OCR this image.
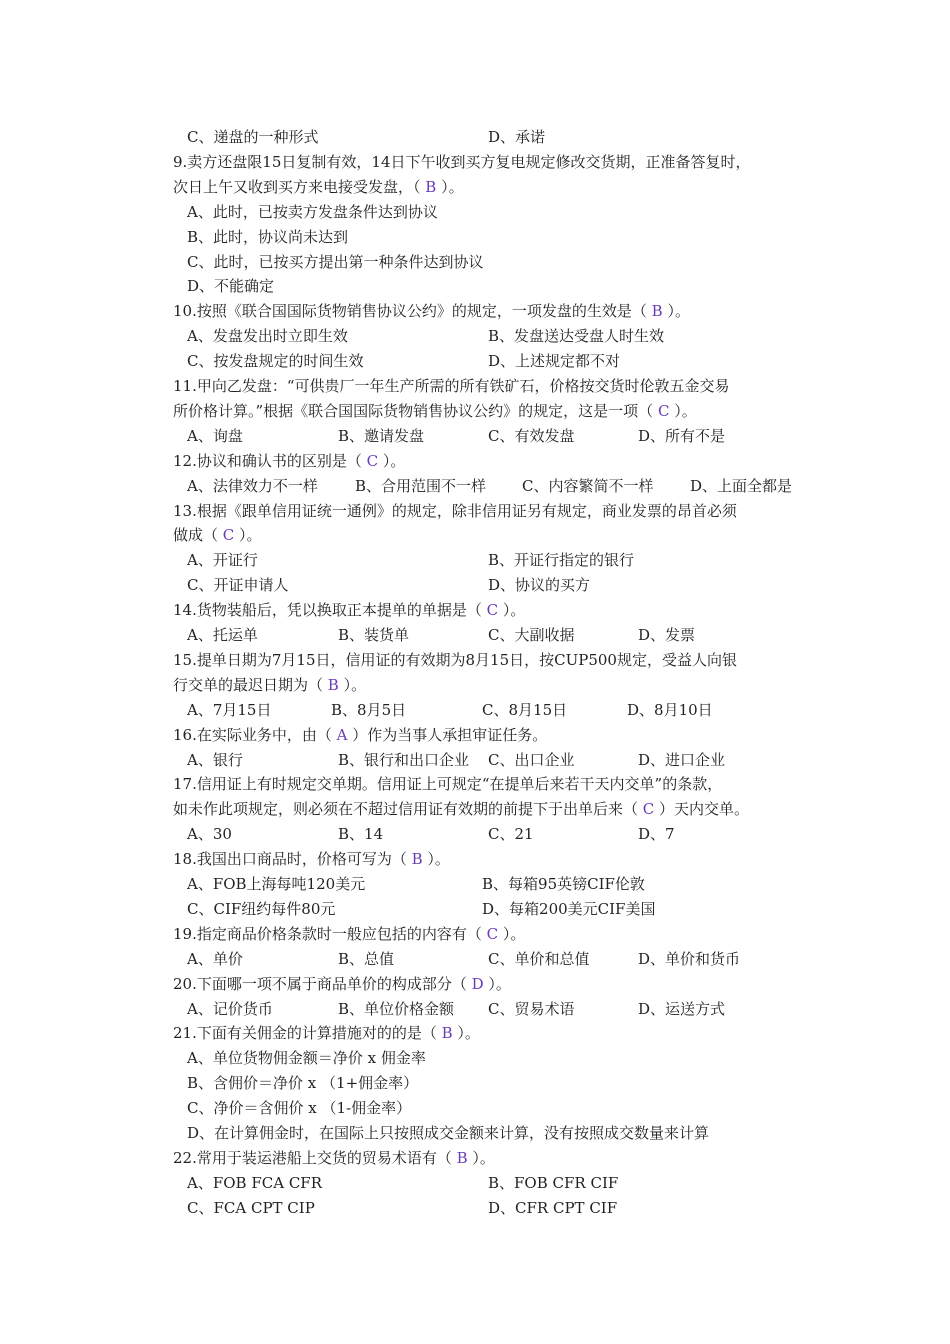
C、递盘的一种形式	D、承诺
9.卖方还盘限15日复制有效，14日下午收到买方复电规定修改交货期，正准备答复时，
次日上午又收到买方来电接受发盘，（ B ）。
A、此时，已按卖方发盘条件达到协议
B、此时，协议尚未达到
C、此时，已按买方提出第一种条件达到协议
D、不能确定
10.按照《联合国国际货物销售协议公约》的规定，一项发盘的生效是（ B ）。
A、发盘发出时立即生效	B、发盘送达受盘人时生效
C、按发盘规定的时间生效	D、上述规定都不对
11.甲向乙发盘：“可供贵厂一年生产所需的所有铁矿石，价格按交货时伦敦五金交易
所价格计算。”根据《联合国国际货物销售协议公约》的规定，这是一项（ C ）。
A、询盘	B、邀请发盘	C、有效发盘	D、所有不是
12.协议和确认书的区别是（ C ）。
A、法律效力不一样 B、合用范围不一样 C、内容繁简不一样 D、上面全都是
13.根据《跟单信用证统一通例》的规定，除非信用证另有规定，商业发票的昂首必须
做成（ C ）。
A、开证行	B、开证行指定的银行
C、开证申请人	D、协议的买方
14.货物装船后，凭以换取正本提单的单据是（ C ）。
A、托运单	B、装货单	C、大副收据	D、发票
15.提单日期为7月15日，信用证的有效期为8月15日，按CUP500规定，受益人向银
行交单的最迟日期为（ B ）。
A、7月15日	B、8月5日	C、8月15日	D、8月10日
16.在实际业务中，由（ A ）作为当事人承担审证任务。
A、银行	B、银行和出口企业 C、出口企业	D、进口企业
17.信用证上有时规定交单期。信用证上可规定“在提单后来若干天内交单”的条款，
如未作此项规定，则必须在不超过信用证有效期的前提下于出单后来（ C ）天内交单。
A、30	B、14	C、21	D、7
18.我国出口商品时，价格可写为（ B ）。
A、FOB上海每吨120美元	B、每箱95英镑CIF伦敦
C、CIF纽约每件80元	D、每箱200美元CIF美国
19.指定商品价格条款时一般应包括的内容有（ C ）。
A、单价	B、总值	C、单价和总值	D、单价和货币
20.下面哪一项不属于商品单价的构成部分（ D ）。
A、记价货币	B、单位价格金额 C、贸易术语	D、运送方式
21.下面有关佣金的计算措施对的的是（ B ）。
A、单位货物佣金额＝净价 x 佣金率
B、含佣价＝净价 x （1+佣金率）
C、净价＝含佣价 x （1-佣金率）
D、在计算佣金时，在国际上只按照成交金额来计算，没有按照成交数量来计算
22.常用于装运港船上交货的贸易术语有（ B ）。
A、FOB FCA CFR	B、FOB CFR CIF
C、FCA CPT CIP	D、CFR CPT CIF
